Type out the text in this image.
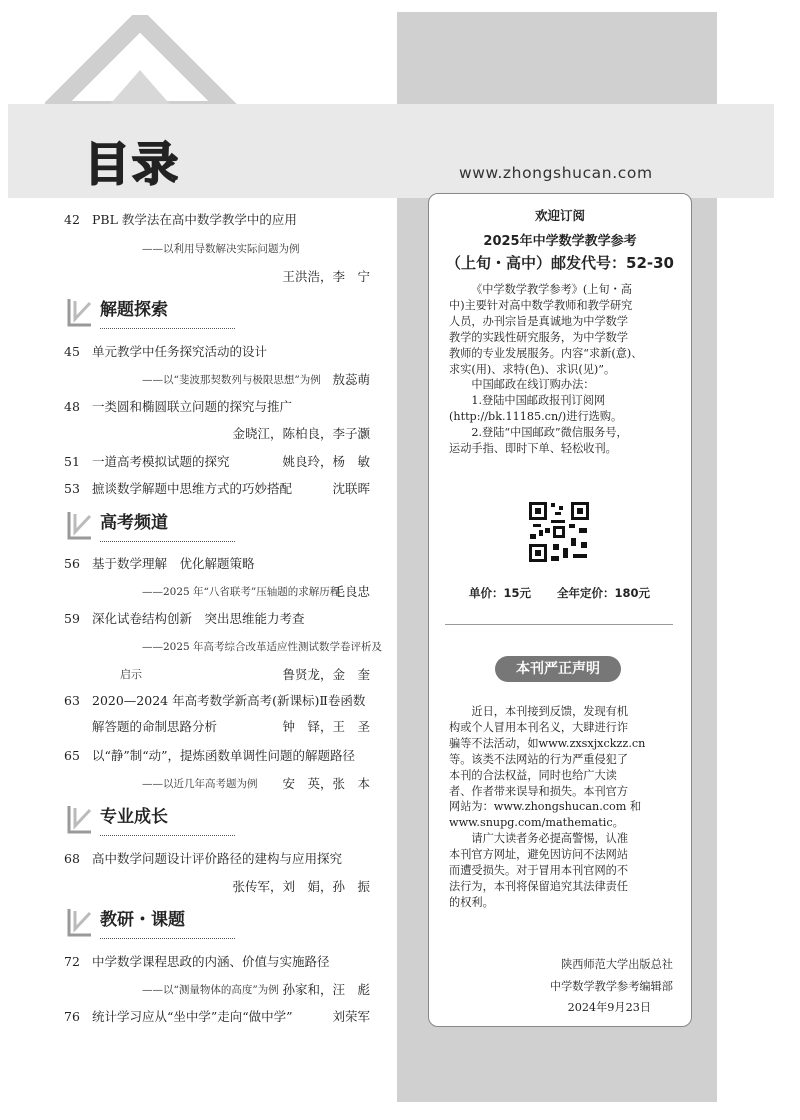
目录	www.zhongshucan.com
42 PBL 教学法在高中数学教学中的应用
——以利用导数解决实际问题为例
王洪浩，李　宁
解题探索
45 单元教学中任务探究活动的设计
——以“斐波那契数列与极限思想”为例 敖蕊萌
48 一类圆和椭圆联立问题的探究与推广
金晓江，陈柏良，李子灏
51 一道高考模拟试题的探究	姚良玲，杨　敏
53 摭谈数学解题中思维方式的巧妙搭配	沈联晖
高考频道
56 基于数学理解　优化解题策略
——2025 年“八省联考”压轴题的求解历程
毛良忠
59 深化试卷结构创新　突出思维能力考查
——2025 年高考综合改革适应性测试数学卷评析及
启示	鲁贤龙，金　奎
63 2020—2024 年高考数学新高考(新课标)Ⅱ卷函数
解答题的命制思路分析	钟　铎，王　圣
65 以“静”制“动”，提炼函数单调性问题的解题路径
——以近几年高考题为例 安　英，张　本
专业成长
68 高中数学问题设计评价路径的建构与应用探究
张传军，刘　娟，孙　振
教研・课题
72 中学数学课程思政的内涵、价值与实施路径
——以“测量物体的高度”为例 孙家和，汪　彪
76 统计学习应从“坐中学”走向“做中学”	刘荣军
欢迎订阅
2025年中学数学教学参考
（上旬・高中）邮发代号：52-30
《中学数学教学参考》(上旬・高
中)主要针对高中数学教师和教学研究
人员，办刊宗旨是真诚地为中学数学
教学的实践性研究服务，为中学数学
教师的专业发展服务。内容“求新(意)、
求实(用)、求特(色)、求识(见)”。
　　中国邮政在线订购办法：
　　1.登陆中国邮政报刊订阅网
(http://bk.11185.cn/)进行选购。
　　2.登陆“中国邮政”微信服务号，
运动手指、即时下单、轻松收刊。
单价：15元 全年定价：180元
本刊严正声明
　　近日，本刊接到反馈，发现有机
构或个人冒用本刊名义，大肆进行诈
骗等不法活动，如www.zxsxjxckzz.cn
等。该类不法网站的行为严重侵犯了
本刊的合法权益，同时也给广大读
者、作者带来误导和损失。本刊官方
网站为：www.zhongshucan.com 和
www.snupg.com/mathematic。
　　请广大读者务必提高警惕，认准
本刊官方网址，避免因访问不法网站
而遭受损失。对于冒用本刊官网的不
法行为，本刊将保留追究其法律责任
的权利。
陕西师范大学出版总社
中学数学教学参考编辑部
2024年9月23日
